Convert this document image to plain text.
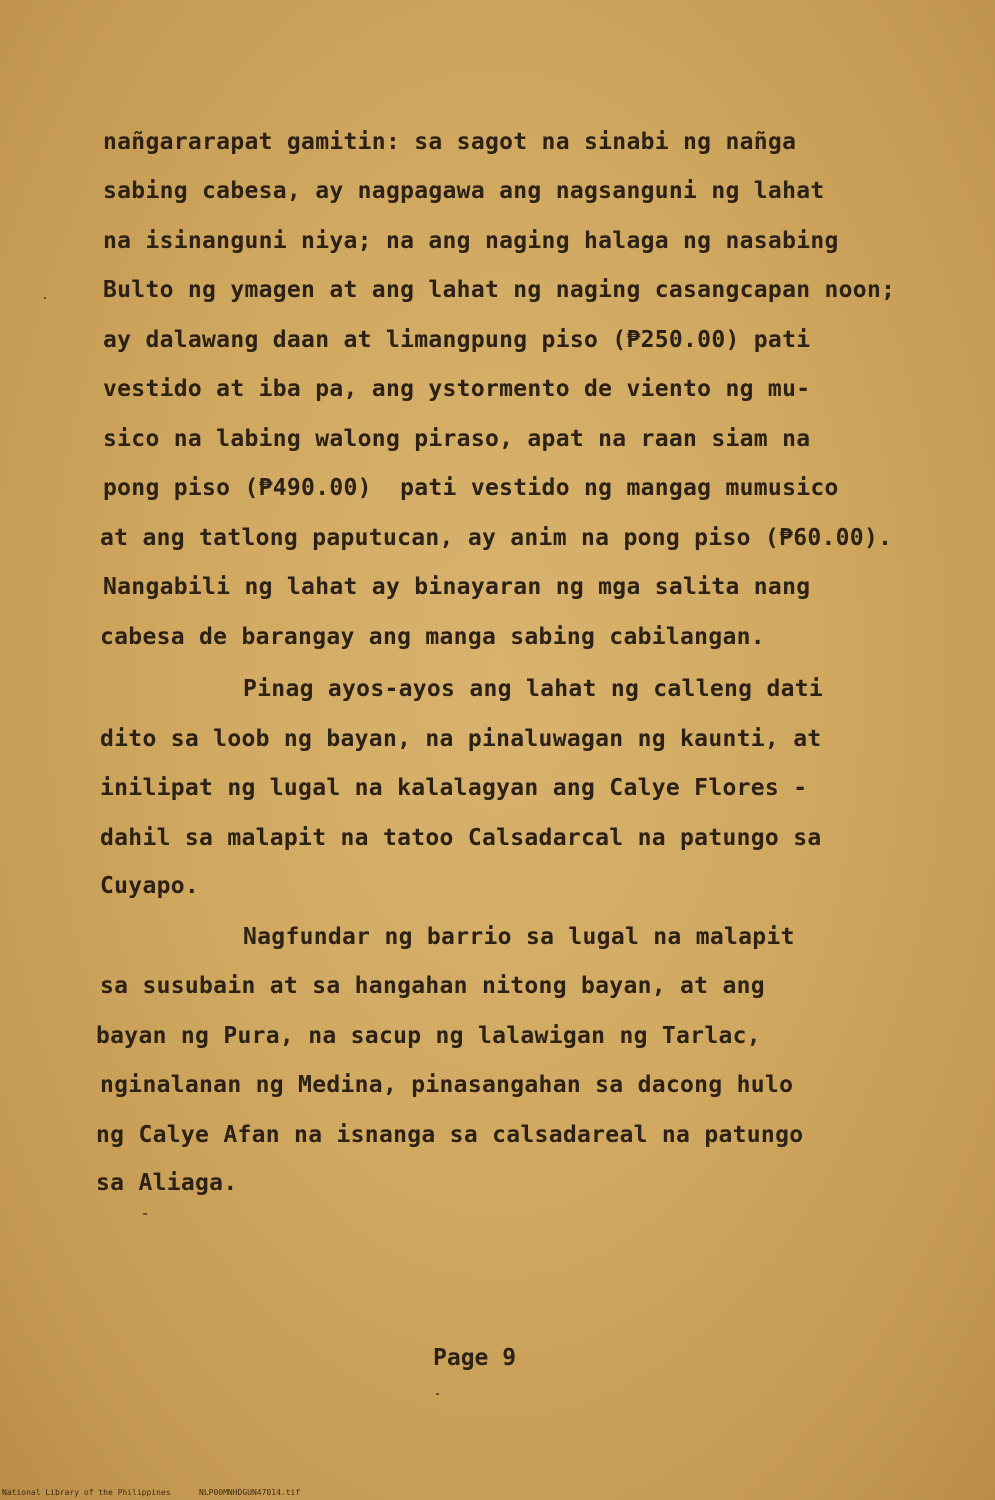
nañgararapat gamitin: sa sagot na sinabi ng nañga
sabing cabesa, ay nagpagawa ang nagsanguni ng lahat
na isinanguni niya; na ang naging halaga ng nasabing
Bulto ng ymagen at ang lahat ng naging casangcapan noon;
ay dalawang daan at limangpung piso (₱250.00) pati
vestido at iba pa, ang ystormento de viento ng mu-
sico na labing walong piraso, apat na raan siam na
pong piso (₱490.00)  pati vestido ng mangag mumusico
at ang tatlong paputucan, ay anim na pong piso (₱60.00).
Nangabili ng lahat ay binayaran ng mga salita nang
cabesa de barangay ang manga sabing cabilangan.
Pinag ayos-ayos ang lahat ng calleng dati
dito sa loob ng bayan, na pinaluwagan ng kaunti, at
inilipat ng lugal na kalalagyan ang Calye Flores -
dahil sa malapit na tatoo Calsadarcal na patungo sa
Cuyapo.
Nagfundar ng barrio sa lugal na malapit
sa susubain at sa hangahan nitong bayan, at ang
bayan ng Pura, na sacup ng lalawigan ng Tarlac,
nginalanan ng Medina, pinasangahan sa dacong hulo
ng Calye Afan na isnanga sa calsadareal na patungo
sa Aliaga.
Page 9
National Library of the Philippines	NLP00MNHDGUN47014.tif
